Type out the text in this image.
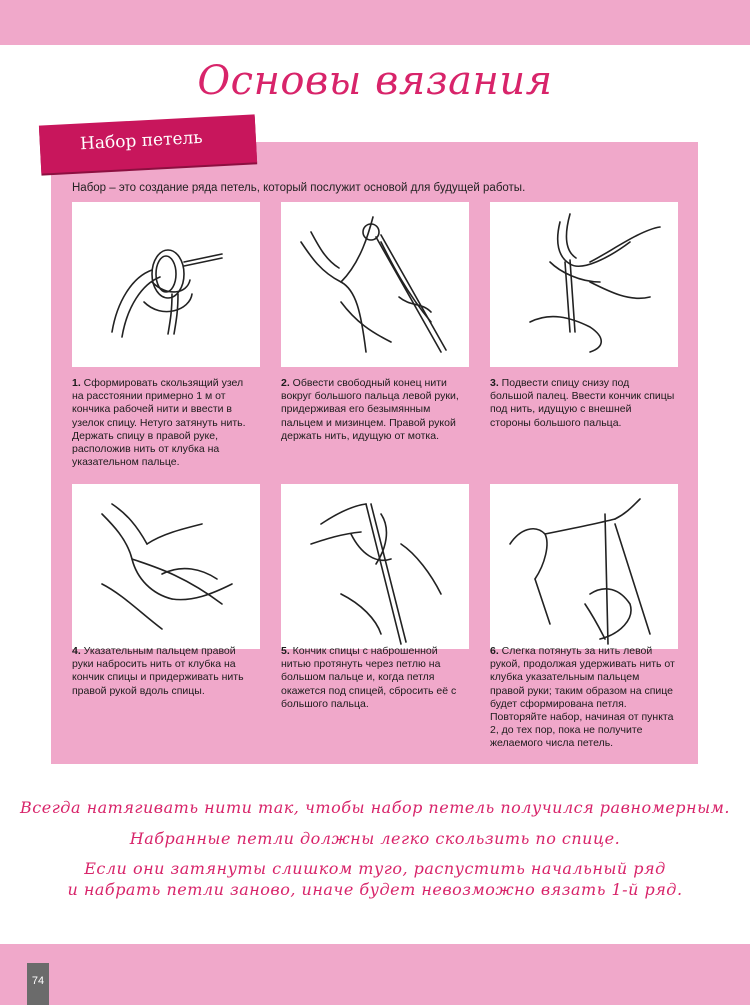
Основы вязания
Набор петель
Набор – это создание ряда петель, который послужит основой для будущей работы.
1. Сформировать скользящий узел на расстоянии примерно 1 м от кончика рабочей нити и ввести в узелок спицу. Нетуго затянуть нить. Держать спицу в правой руке, расположив нить от клубка на указательном пальце.
2. Обвести свободный конец нити вокруг большого пальца левой руки, придерживая его безымянным пальцем и мизинцем. Правой рукой держать нить, идущую от мотка.
3. Подвести спицу снизу под большой палец. Ввести кончик спицы под нить, идущую с внешней стороны большого пальца.
4. Указательным пальцем правой руки набросить нить от клубка на кончик спицы и придерживать нить правой рукой вдоль спицы.
5. Кончик спицы с наброшенной нитью протянуть через петлю на большом пальце и, когда петля окажется под спицей, сбросить её с большого пальца.
6. Слегка потянуть за нить левой рукой, продолжая удерживать нить от клубка указательным пальцем правой руки; таким образом на спице будет сформирована петля. Повторяйте набор, начиная от пункта 2, до тех пор, пока не получите желаемого числа петель.
Всегда натягивать нити так, чтобы набор петель получился равномерным.
Набранные петли должны легко скользить по спице.
Если они затянуты слишком туго, распустить начальный ряд
и набрать петли заново, иначе будет невозможно вязать 1-й ряд.
74
